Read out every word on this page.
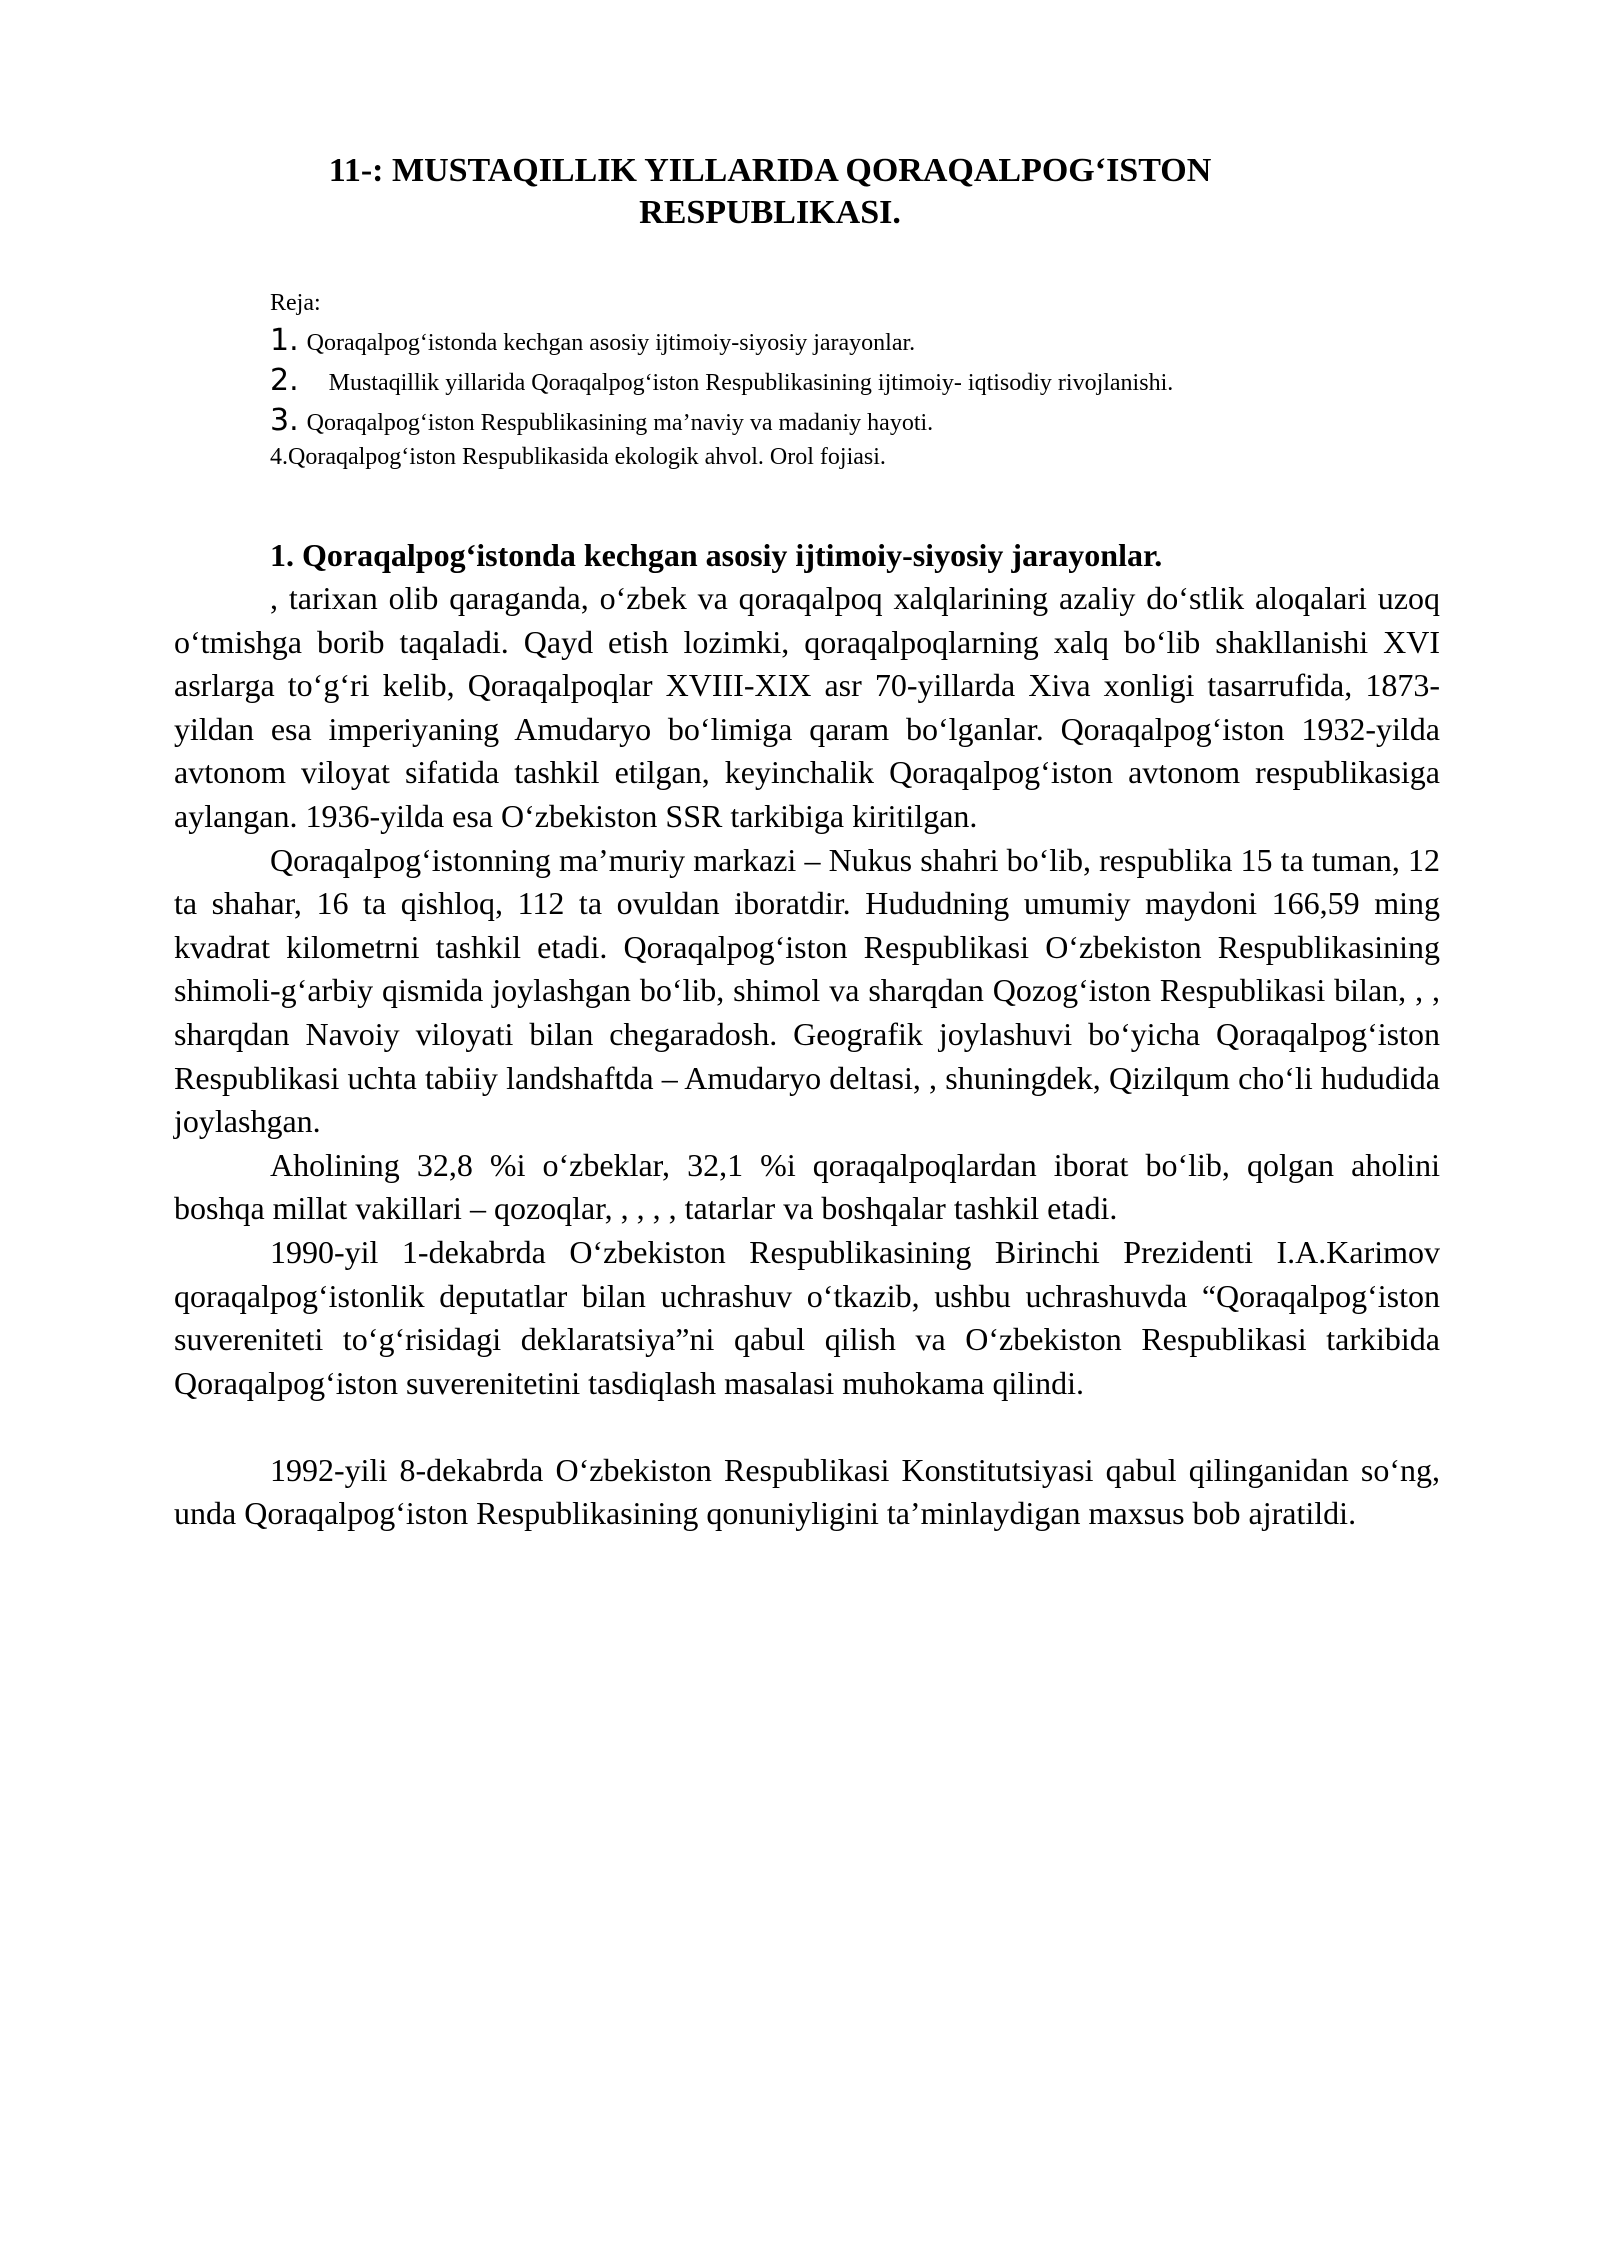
11-: MUSTAQILLIK YILLARIDA QORAQALPOG‘ISTON
RESPUBLIKASI.
Reja:
1. Qoraqalpog‘istonda kechgan asosiy ijtimoiy-siyosiy jarayonlar.
2. Mustaqillik yillarida Qoraqalpog‘iston Respublikasining ijtimoiy- iqtisodiy rivojlanishi.
3. Qoraqalpog‘iston Respublikasining ma’naviy va madaniy hayoti.
4.Qoraqalpog‘iston Respublikasida ekologik ahvol. Orol fojiasi.
1. Qoraqalpog‘istonda kechgan asosiy ijtimoiy-siyosiy jarayonlar.

, tarixan olib qaraganda, o‘zbek va qoraqalpoq xalqlarining azaliy do‘stlik aloqalari uzoq o‘tmishga borib taqaladi. Qayd etish lozimki, qoraqalpoqlarning xalq bo‘lib shakllanishi XVI asrlarga to‘g‘ri kelib, Qoraqalpoqlar XVIII-XIX asr 70-yillarda Xiva xonligi tasarrufida, 1873-yildan esa imperiyaning Amudaryo bo‘limiga qaram bo‘lganlar. Qoraqalpog‘iston 1932-yilda avtonom viloyat sifatida tashkil etilgan, keyinchalik Qoraqalpog‘iston avtonom respublikasiga aylangan. 1936-yilda esa O‘zbekiston SSR tarkibiga kiritilgan.

Qoraqalpog‘istonning ma’muriy markazi – Nukus shahri bo‘lib, respublika 15 ta tuman, 12 ta shahar, 16 ta qishloq, 112 ta ovuldan iboratdir. Hududning umumiy maydoni 166,59 ming kvadrat kilometrni tashkil etadi. Qoraqalpog‘iston Respublikasi O‘zbekiston Respublikasining shimoli-g‘arbiy qismida joylashgan bo‘lib, shimol va sharqdan Qozog‘iston Respublikasi bilan, , , sharqdan Navoiy viloyati bilan chegaradosh. Geografik joylashuvi bo‘yicha Qoraqalpog‘iston Respublikasi uchta tabiiy landshaftda – Amudaryo deltasi, , shuningdek, Qizilqum cho‘li hududida joylashgan.

Aholining 32,8 %i o‘zbeklar, 32,1 %i qoraqalpoqlardan iborat bo‘lib, qolgan aholini boshqa millat vakillari – qozoqlar, , , , , tatarlar va boshqalar tashkil etadi.

1990-yil 1-dekabrda O‘zbekiston Respublikasining Birinchi Prezidenti I.A.Karimov qoraqalpog‘istonlik deputatlar bilan uchrashuv o‘tkazib, ushbu uchrashuvda “Qoraqalpog‘iston suvereniteti to‘g‘risidagi deklaratsiya”ni qabul qilish va O‘zbekiston Respublikasi tarkibida Qoraqalpog‘iston suverenitetini tasdiqlash masalasi muhokama qilindi.

1992-yili 8-dekabrda O‘zbekiston Respublikasi Konstitutsiyasi qabul qilinganidan so‘ng, unda Qoraqalpog‘iston Respublikasining qonuniyligini ta’minlaydigan maxsus bob ajratildi.
